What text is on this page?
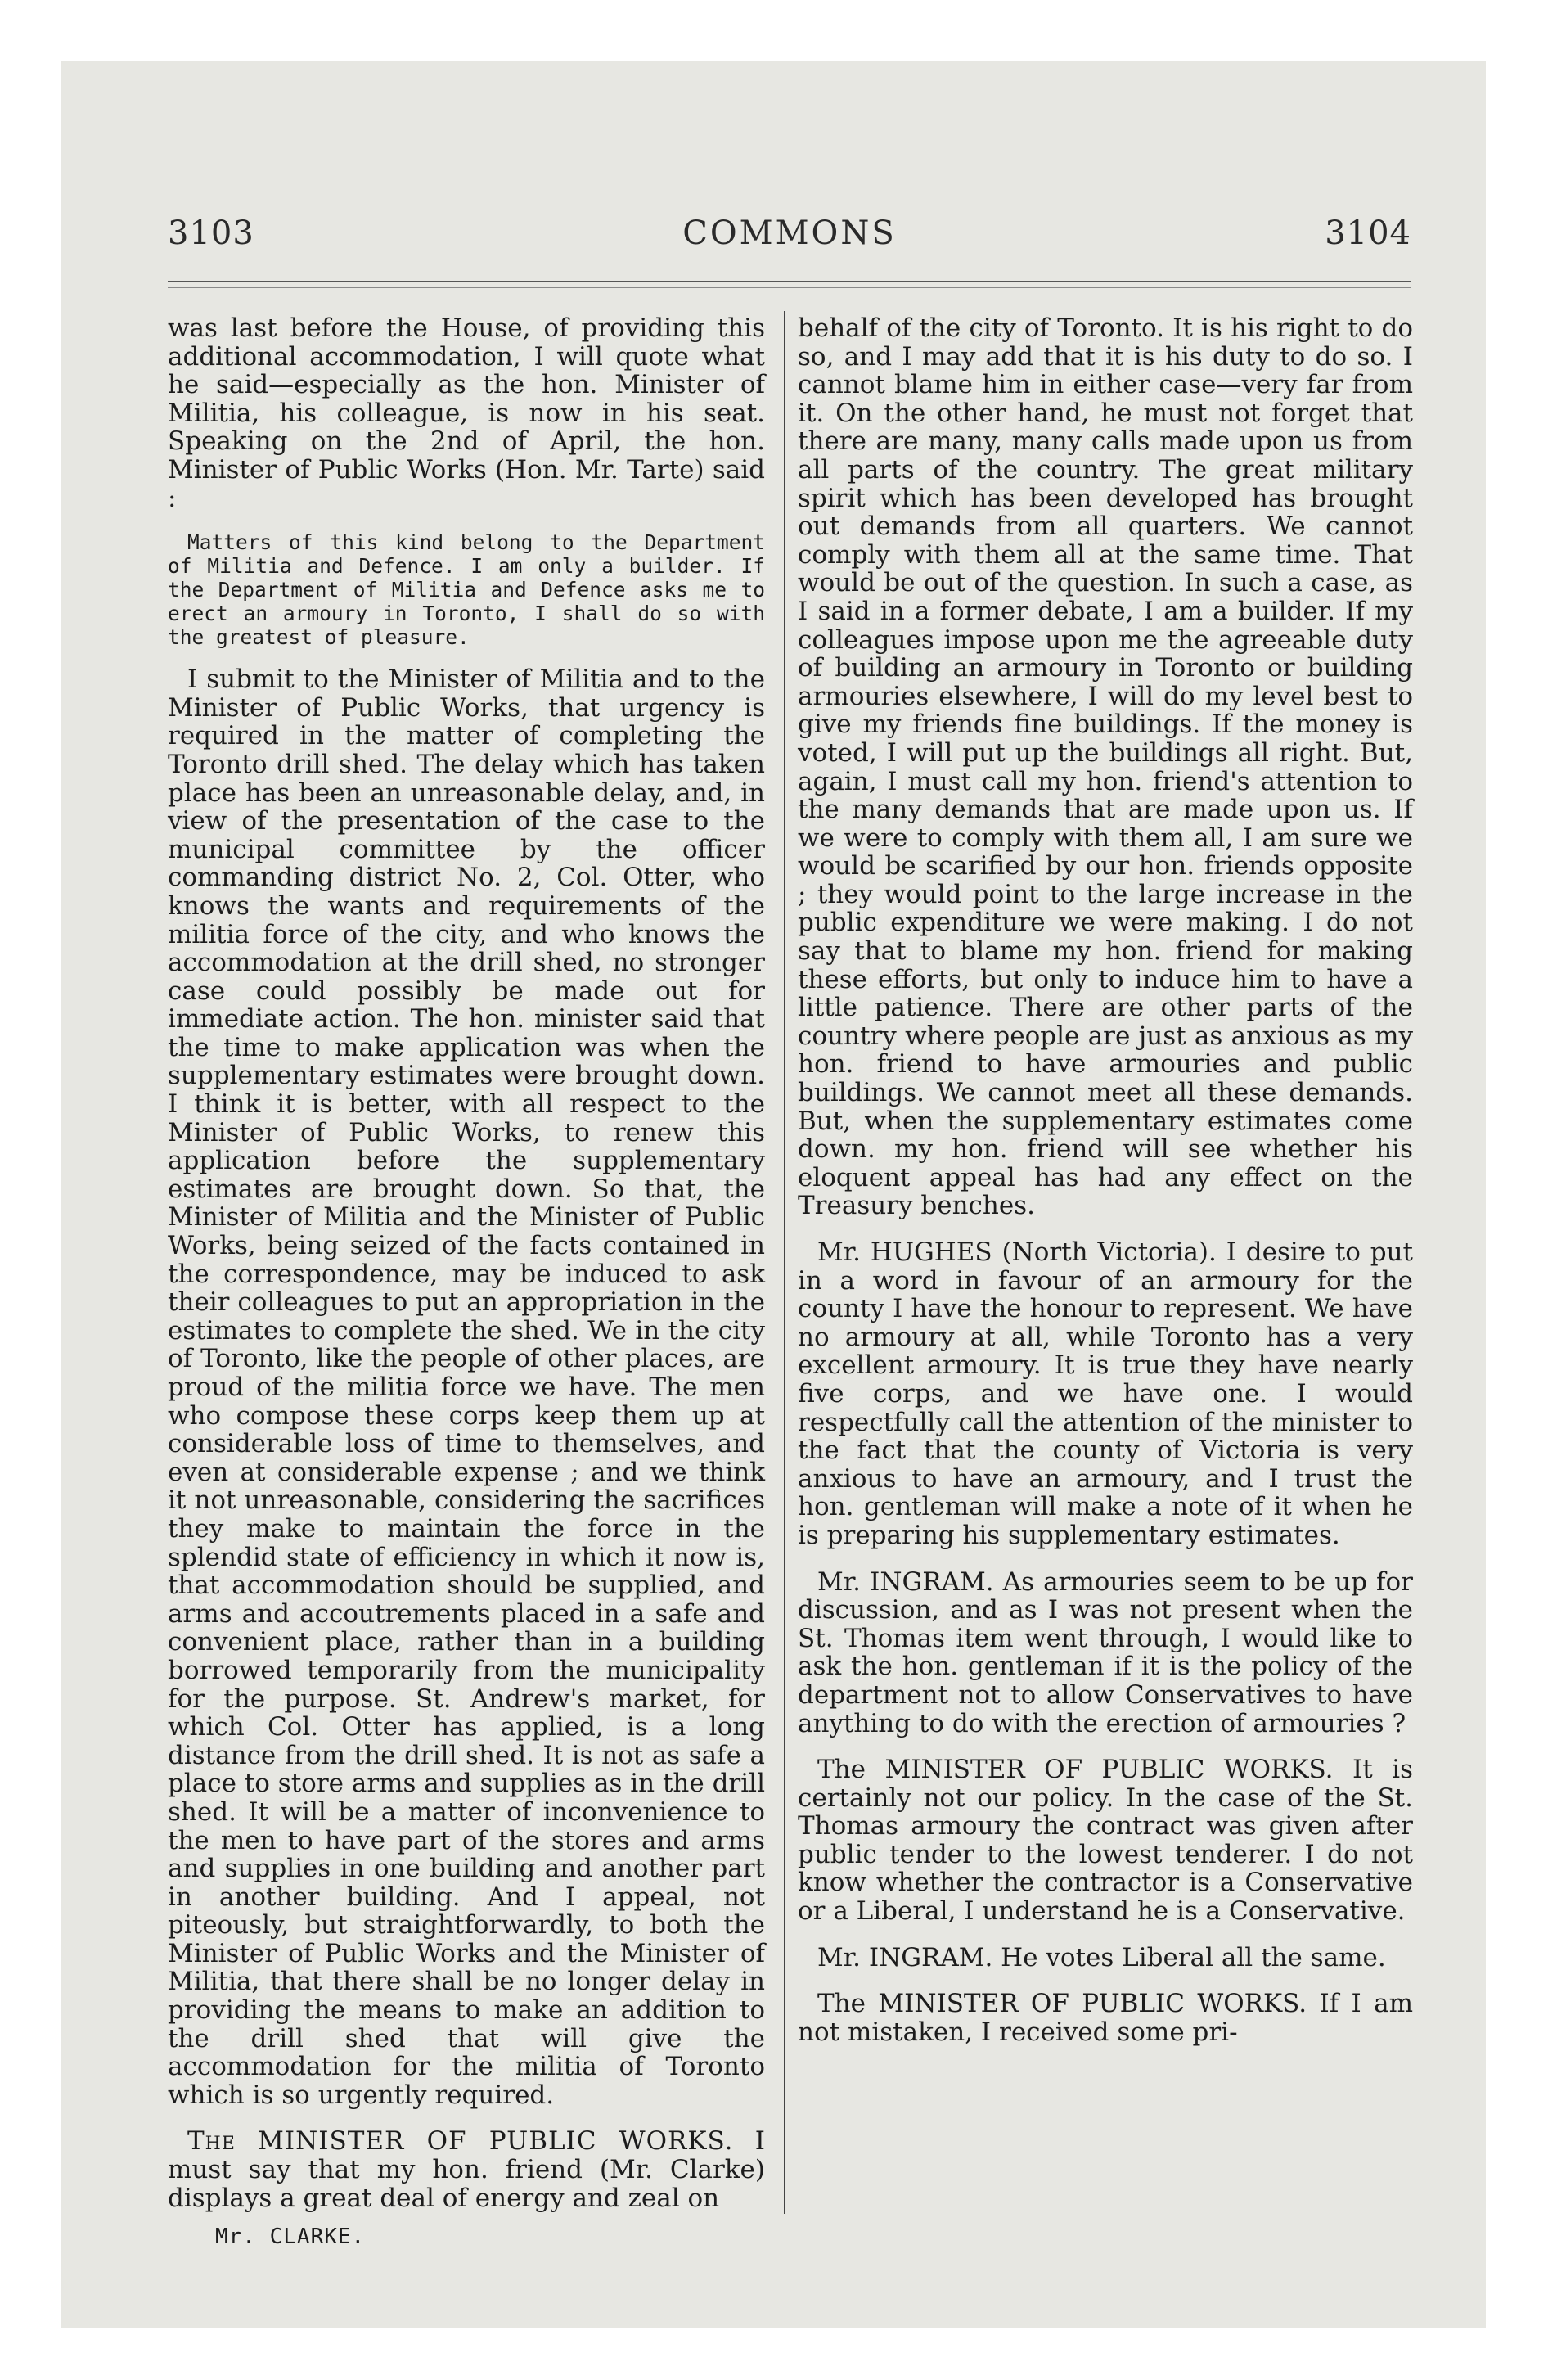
3103	COMMONS	3104

was last before the House, of providing this additional accommodation, I will quote what he said—especially as the hon. Minister of Militia, his colleague, is now in his seat. Speaking on the 2nd of April, the hon. Minister of Public Works (Hon. Mr. Tarte) said :

Matters of this kind belong to the Department of Militia and Defence. I am only a builder. If the Department of Militia and Defence asks me to erect an armoury in Toronto, I shall do so with the greatest of pleasure.

I submit to the Minister of Militia and to the Minister of Public Works, that urgency is required in the matter of completing the Toronto drill shed. The delay which has taken place has been an unreasonable delay, and, in view of the presentation of the case to the municipal committee by the officer commanding district No. 2, Col. Otter, who knows the wants and requirements of the militia force of the city, and who knows the accommodation at the drill shed, no stronger case could possibly be made out for immediate action. The hon. minister said that the time to make application was when the supplementary estimates were brought down. I think it is better, with all respect to the Minister of Public Works, to renew this application before the supplementary estimates are brought down. So that, the Minister of Militia and the Minister of Public Works, being seized of the facts contained in the correspondence, may be induced to ask their colleagues to put an appropriation in the estimates to complete the shed. We in the city of Toronto, like the people of other places, are proud of the militia force we have. The men who compose these corps keep them up at considerable loss of time to themselves, and even at considerable expense ; and we think it not unreasonable, considering the sacrifices they make to maintain the force in the splendid state of efficiency in which it now is, that accommodation should be supplied, and arms and accoutrements placed in a safe and convenient place, rather than in a building borrowed temporarily from the municipality for the purpose. St. Andrew's market, for which Col. Otter has applied, is a long distance from the drill shed. It is not as safe a place to store arms and supplies as in the drill shed. It will be a matter of inconvenience to the men to have part of the stores and arms and supplies in one building and another part in another building. And I appeal, not piteously, but straightforwardly, to both the Minister of Public Works and the Minister of Militia, that there shall be no longer delay in providing the means to make an addition to the drill shed that will give the accommodation for the militia of Toronto which is so urgently required.

The MINISTER OF PUBLIC WORKS. I must say that my hon. friend (Mr. Clarke) displays a great deal of energy and zeal on

behalf of the city of Toronto. It is his right to do so, and I may add that it is his duty to do so. I cannot blame him in either case—very far from it. On the other hand, he must not forget that there are many, many calls made upon us from all parts of the country. The great military spirit which has been developed has brought out demands from all quarters. We cannot comply with them all at the same time. That would be out of the question. In such a case, as I said in a former debate, I am a builder. If my colleagues impose upon me the agreeable duty of building an armoury in Toronto or building armouries elsewhere, I will do my level best to give my friends fine buildings. If the money is voted, I will put up the buildings all right. But, again, I must call my hon. friend's attention to the many demands that are made upon us. If we were to comply with them all, I am sure we would be scarified by our hon. friends opposite ; they would point to the large increase in the public expenditure we were making. I do not say that to blame my hon. friend for making these efforts, but only to induce him to have a little patience. There are other parts of the country where people are just as anxious as my hon. friend to have armouries and public buildings. We cannot meet all these demands. But, when the supplementary estimates come down. my hon. friend will see whether his eloquent appeal has had any effect on the Treasury benches.

Mr. HUGHES (North Victoria). I desire to put in a word in favour of an armoury for the county I have the honour to represent. We have no armoury at all, while Toronto has a very excellent armoury. It is true they have nearly five corps, and we have one. I would respectfully call the attention of the minister to the fact that the county of Victoria is very anxious to have an armoury, and I trust the hon. gentleman will make a note of it when he is preparing his supplementary estimates.

Mr. INGRAM. As armouries seem to be up for discussion, and as I was not present when the St. Thomas item went through, I would like to ask the hon. gentleman if it is the policy of the department not to allow Conservatives to have anything to do with the erection of armouries ?

The MINISTER OF PUBLIC WORKS. It is certainly not our policy. In the case of the St. Thomas armoury the contract was given after public tender to the lowest tenderer. I do not know whether the contractor is a Conservative or a Liberal, I understand he is a Conservative.

Mr. INGRAM. He votes Liberal all the same.

The MINISTER OF PUBLIC WORKS. If I am not mistaken, I received some pri-

Mr. CLARKE.
